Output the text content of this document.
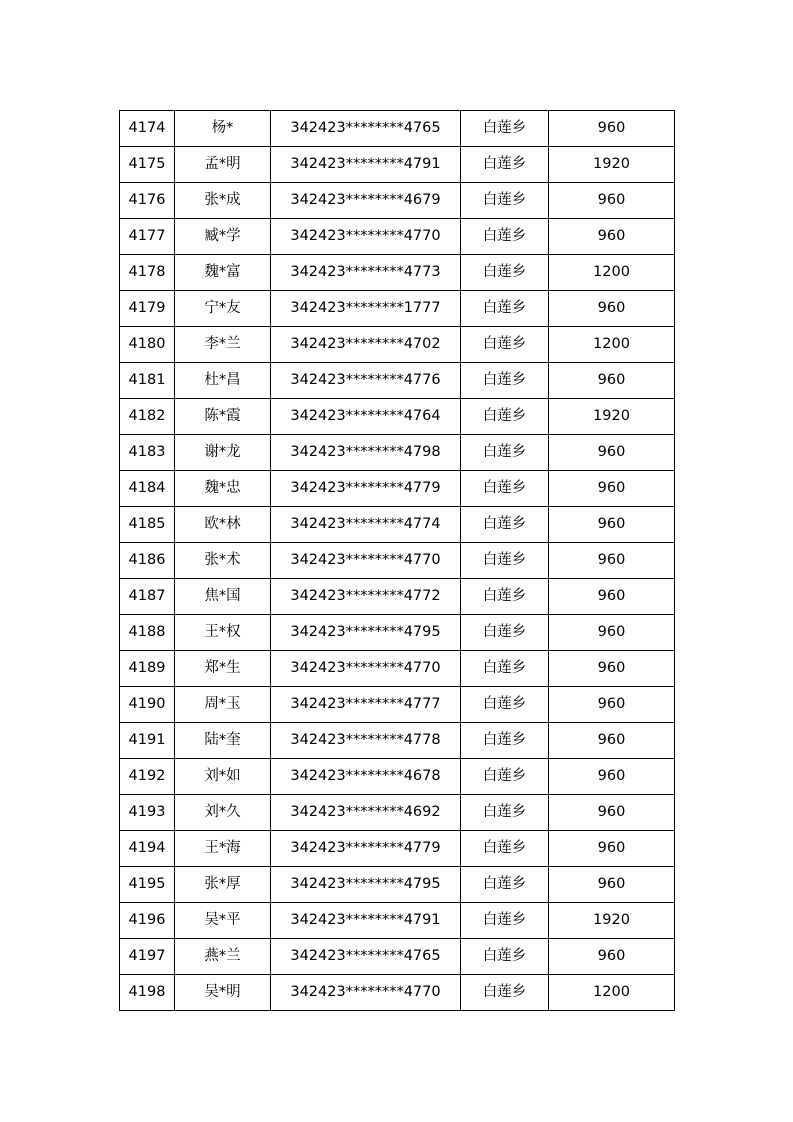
4174	杨*	342423********4765	白莲乡	960
4175	孟*明	342423********4791	白莲乡	1920
4176	张*成	342423********4679	白莲乡	960
4177	臧*学	342423********4770	白莲乡	960
4178	魏*富	342423********4773	白莲乡	1200
4179	宁*友	342423********1777	白莲乡	960
4180	李*兰	342423********4702	白莲乡	1200
4181	杜*昌	342423********4776	白莲乡	960
4182	陈*霞	342423********4764	白莲乡	1920
4183	谢*龙	342423********4798	白莲乡	960
4184	魏*忠	342423********4779	白莲乡	960
4185	欧*林	342423********4774	白莲乡	960
4186	张*术	342423********4770	白莲乡	960
4187	焦*国	342423********4772	白莲乡	960
4188	王*权	342423********4795	白莲乡	960
4189	郑*生	342423********4770	白莲乡	960
4190	周*玉	342423********4777	白莲乡	960
4191	陆*奎	342423********4778	白莲乡	960
4192	刘*如	342423********4678	白莲乡	960
4193	刘*久	342423********4692	白莲乡	960
4194	王*海	342423********4779	白莲乡	960
4195	张*厚	342423********4795	白莲乡	960
4196	吴*平	342423********4791	白莲乡	1920
4197	燕*兰	342423********4765	白莲乡	960
4198	吴*明	342423********4770	白莲乡	1200
